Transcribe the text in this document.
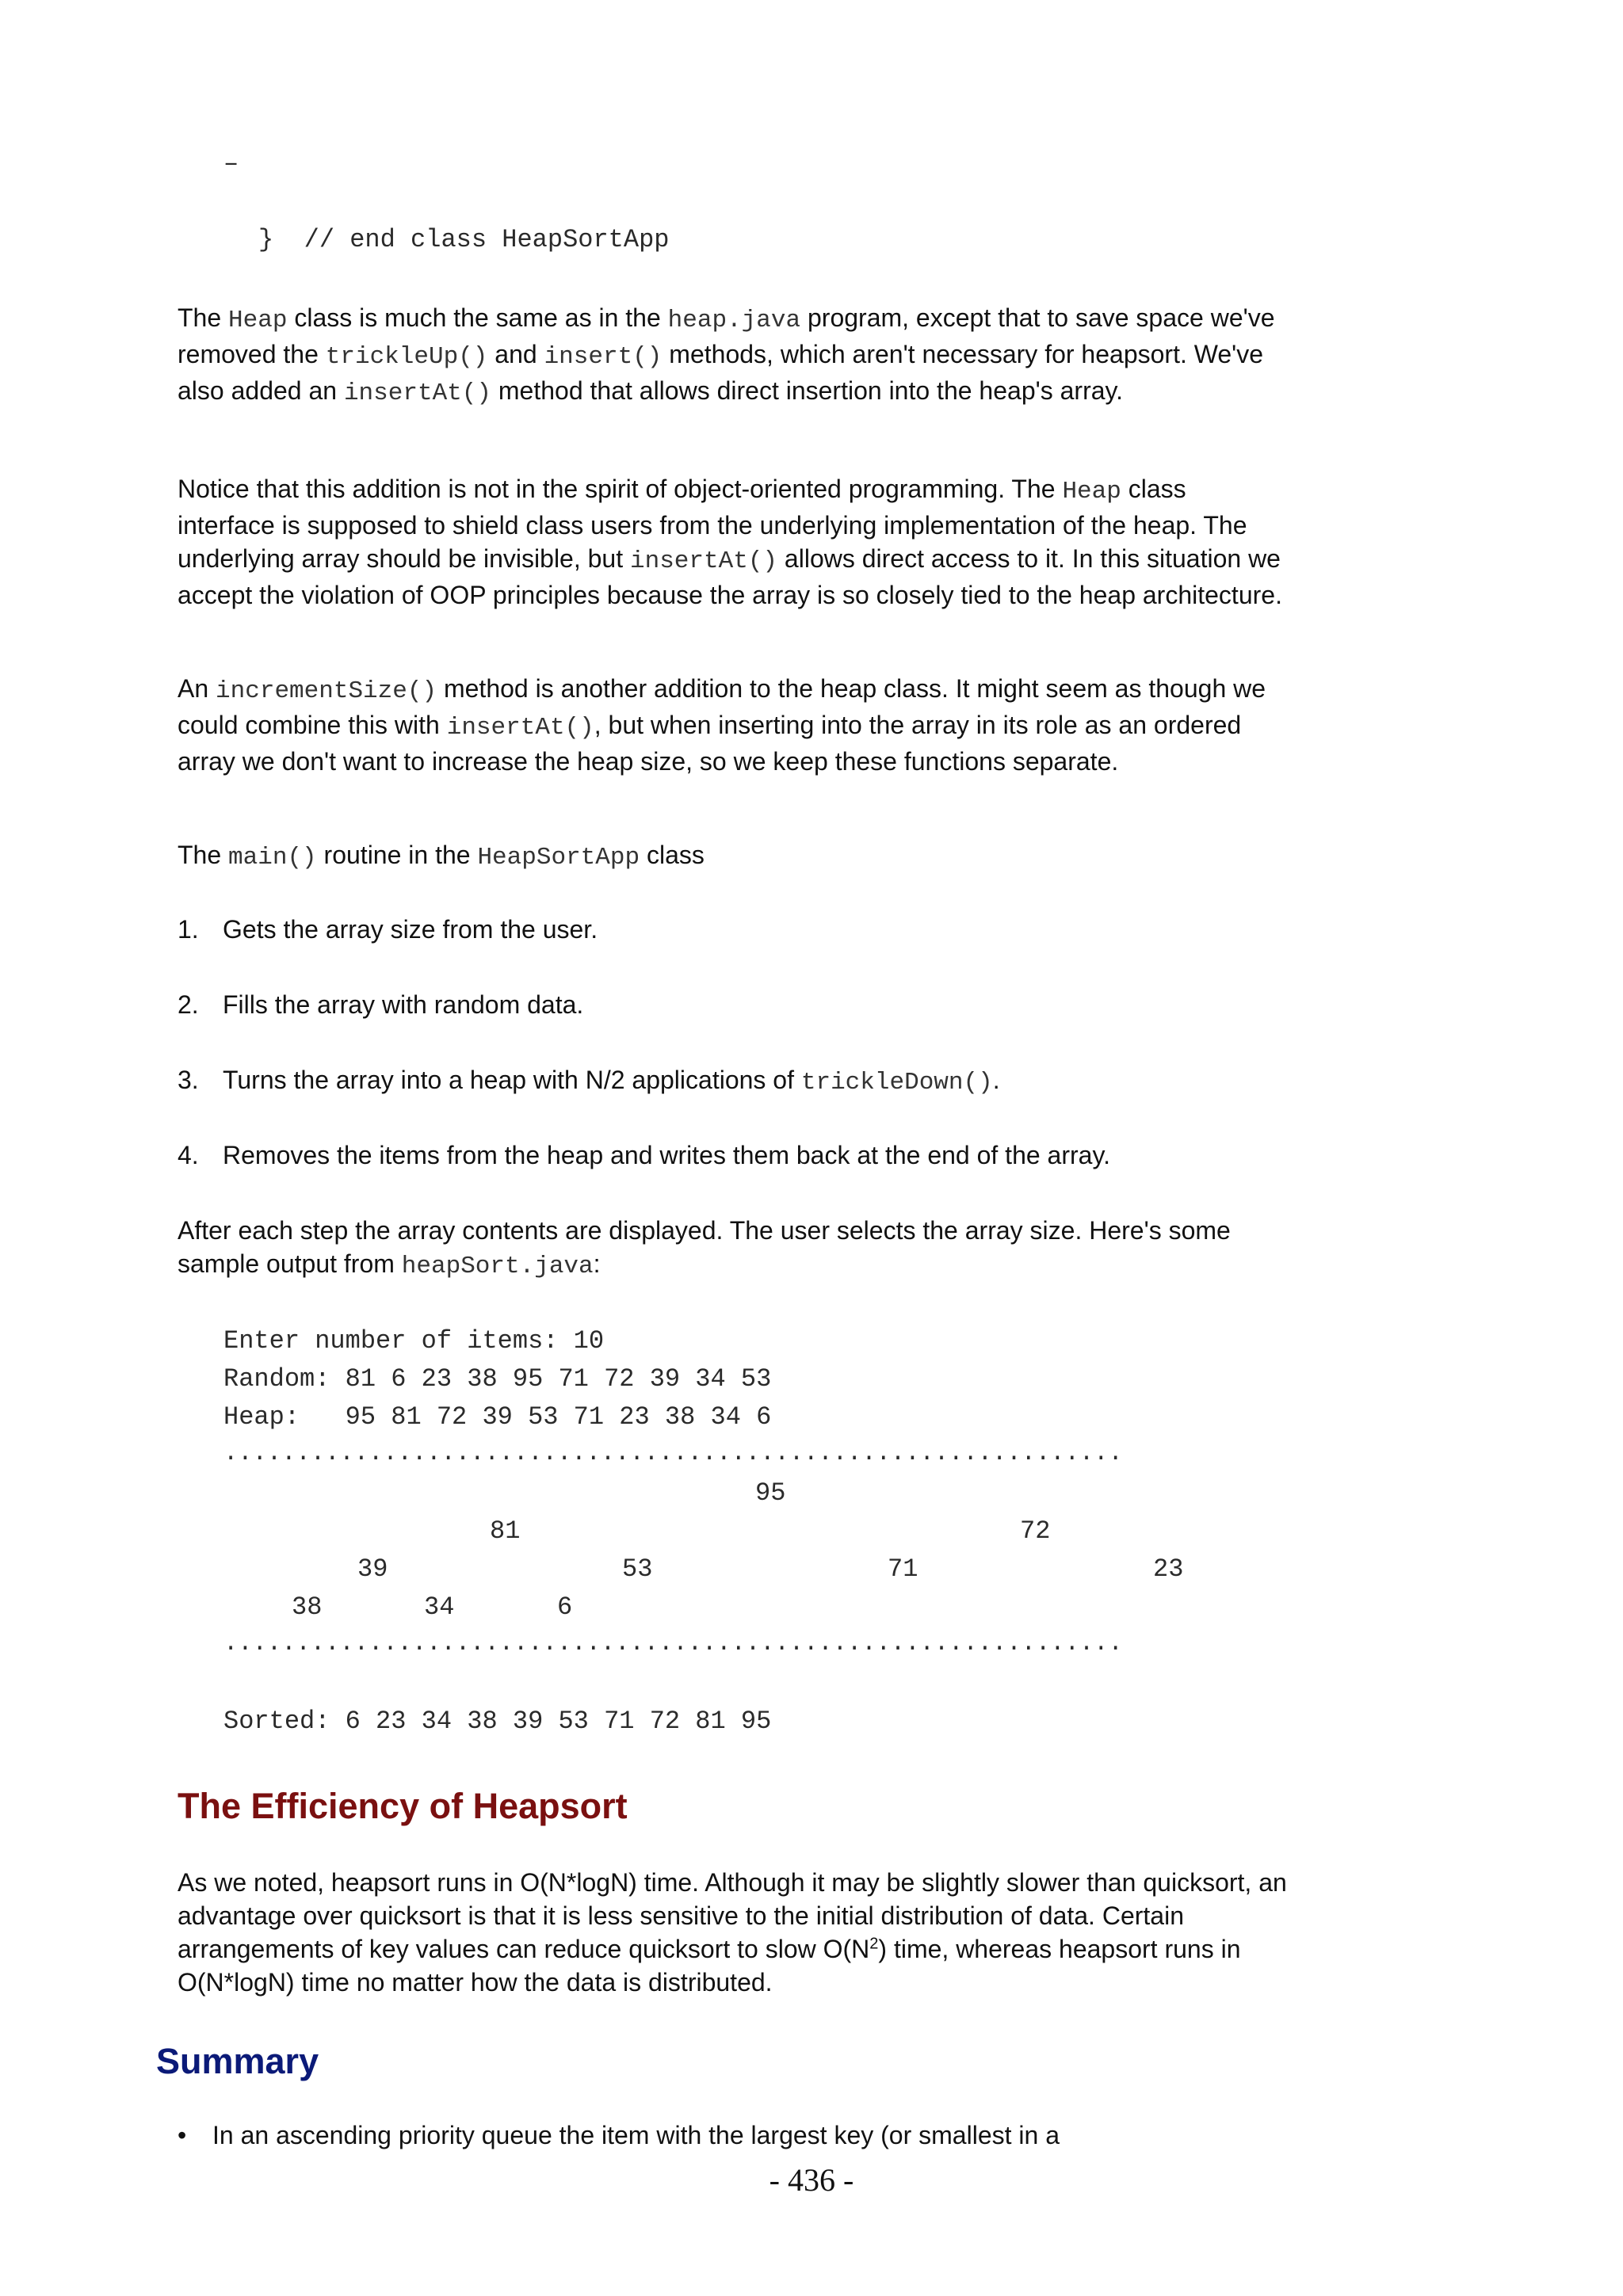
–
}  // end class HeapSortApp
The Heap class is much the same as in the heap.java program, except that to save space we've removed the trickleUp() and insert() methods, which aren't necessary for heapsort. We've also added an insertAt() method that allows direct insertion into the heap's array.
Notice that this addition is not in the spirit of object-oriented programming. The Heap class interface is supposed to shield class users from the underlying implementation of the heap. The underlying array should be invisible, but insertAt() allows direct access to it. In this situation we accept the violation of OOP principles because the array is so closely tied to the heap architecture.
An incrementSize() method is another addition to the heap class. It might seem as though we could combine this with insertAt(), but when inserting into the array in its role as an ordered array we don't want to increase the heap size, so we keep these functions separate.
The main() routine in the HeapSortApp class
1. Gets the array size from the user.
2. Fills the array with random data.
3. Turns the array into a heap with N/2 applications of trickleDown().
4. Removes the items from the heap and writes them back at the end of the array.
After each step the array contents are displayed. The user selects the array size. Here's some sample output from heapSort.java:
Enter number of items: 10
Random: 81 6 23 38 95 71 72 39 34 53
Heap:   95 81 72 39 53 71 23 38 34 6
..............................................................
95
81	72
39	53	71	23
38	34	6
..............................................................
Sorted: 6 23 34 38 39 53 71 72 81 95
The Efficiency of Heapsort
As we noted, heapsort runs in O(N*logN) time. Although it may be slightly slower than quicksort, an advantage over quicksort is that it is less sensitive to the initial distribution of data. Certain arrangements of key values can reduce quicksort to slow $O(N^2)$ time, whereas heapsort runs in O(N*logN) time no matter how the data is distributed.
Summary
• In an ascending priority queue the item with the largest key (or smallest in a
- 436 -
